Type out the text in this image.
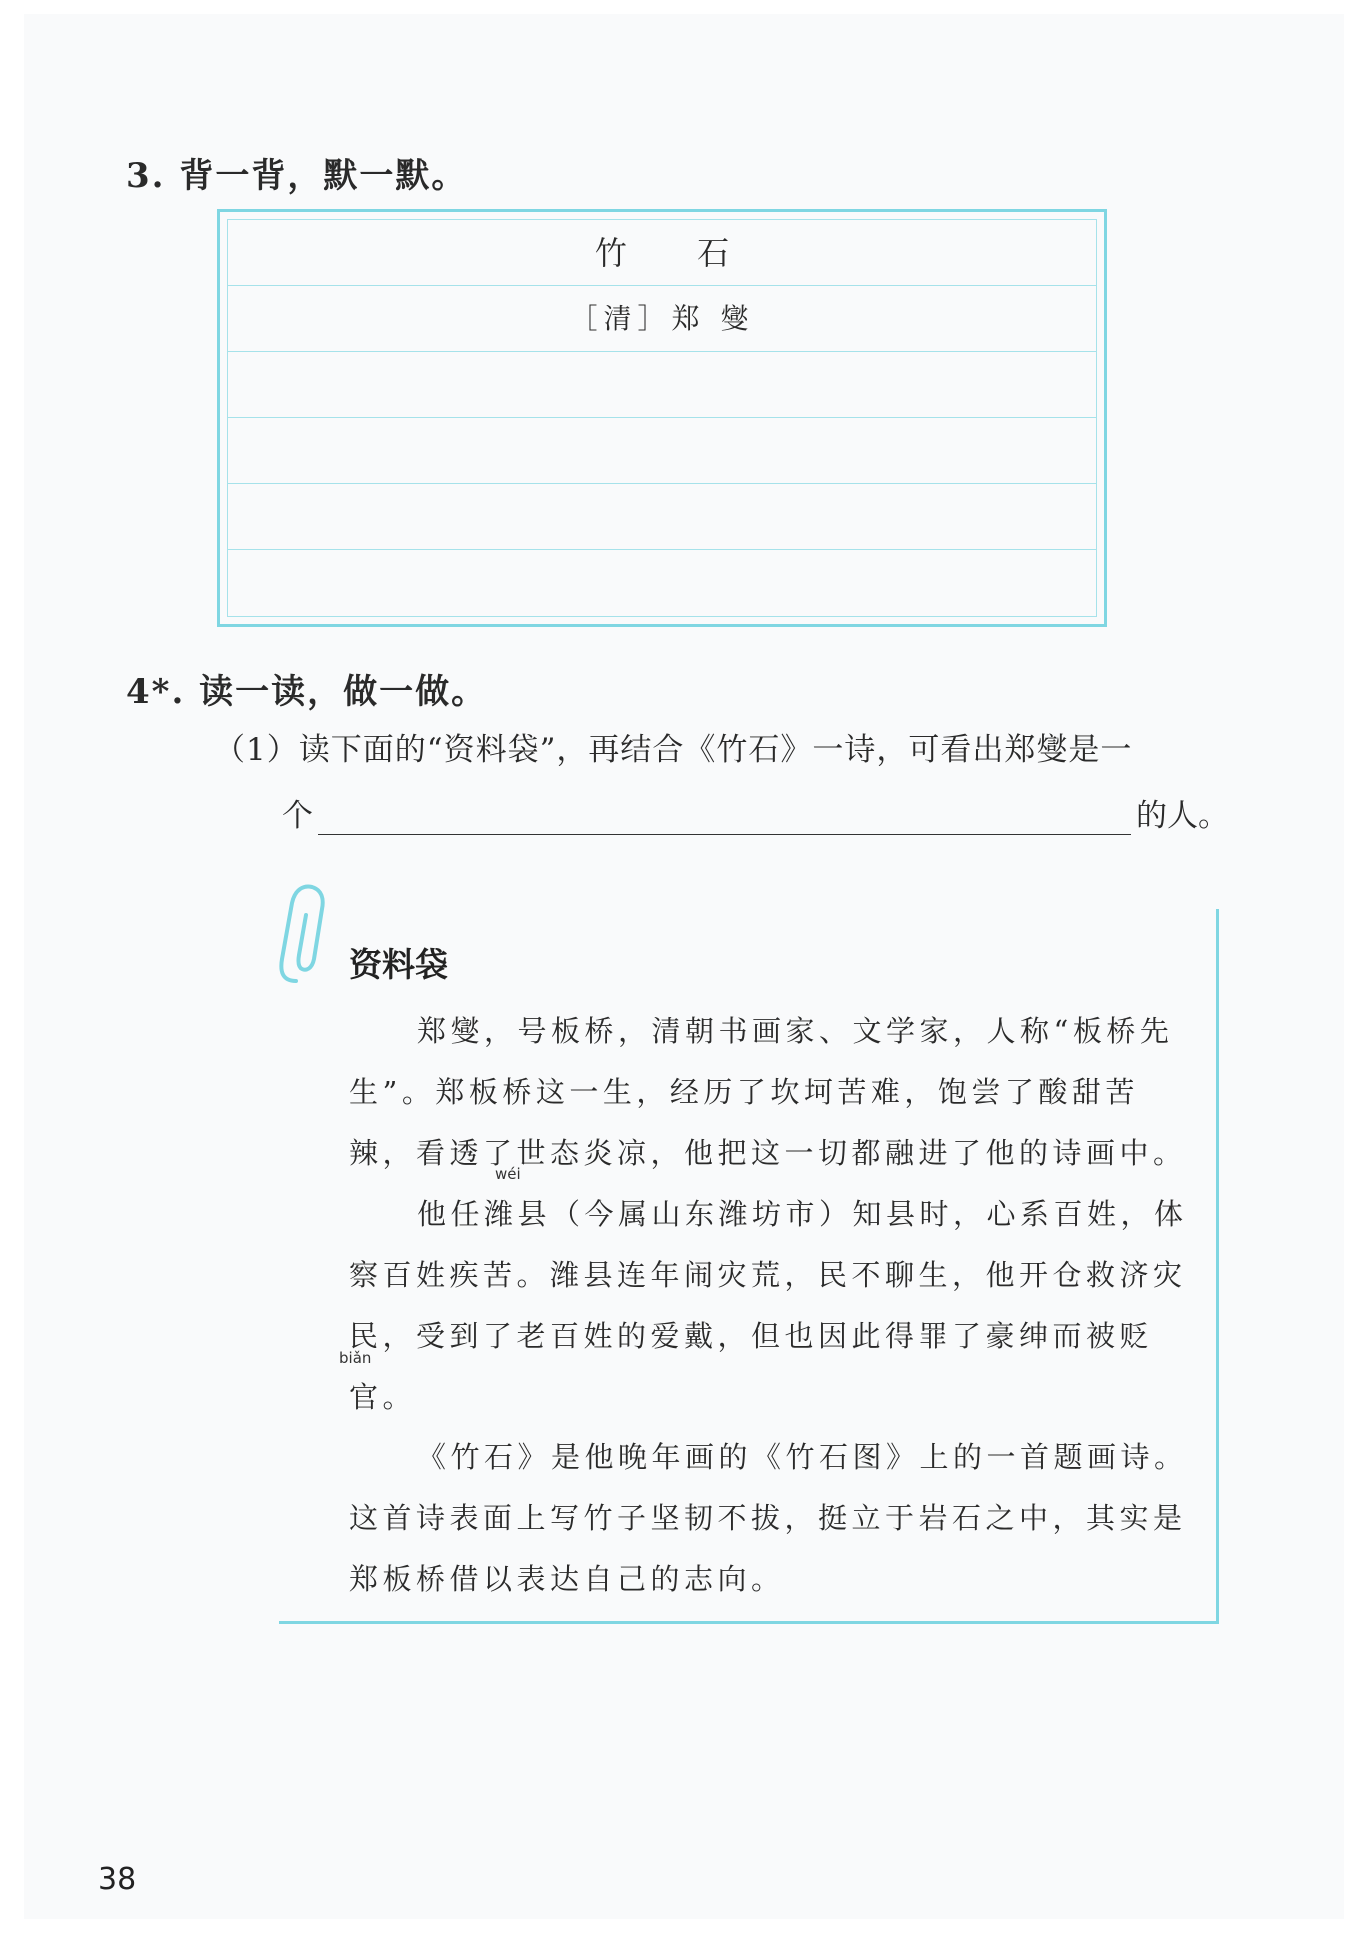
3. 背一背，默一默。
竹 石
［清］郑 燮
4*. 读一读，做一做。
（1）读下面的“资料袋”，再结合《竹石》一诗，可看出郑燮是一
个	的人。
资料袋

郑燮，号板桥，清朝书画家、文学家，人称“板桥先生”。郑板桥这一生，经历了坎坷苦难，饱尝了酸甜苦辣，看透了世态炎凉，他把这一切都融进了他的诗画中。

wéi

他任潍县（今属山东潍坊市）知县时，心系百姓，体察百姓疾苦。潍县连年闹灾荒，民不聊生，他开仓救济灾民，受到了老百姓的爱戴，但也因此得罪了豪绅而被贬官。

biǎn

《竹石》是他晚年画的《竹石图》上的一首题画诗。这首诗表面上写竹子坚韧不拔，挺立于岩石之中，其实是郑板桥借以表达自己的志向。

38
